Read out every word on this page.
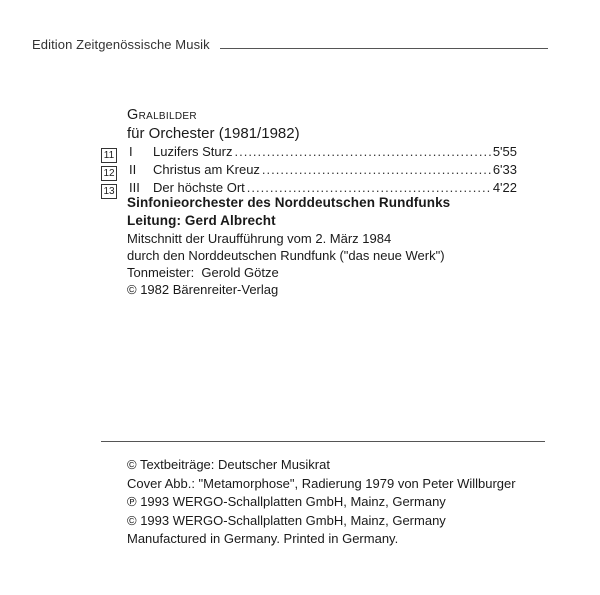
Edition Zeitgenössische Musik
Gralbilder
für Orchester (1981/1982)
11 I	Luzifers Sturz .....	5'55
12 II	Christus am Kreuz .....	6'33
13 III	Der höchste Ort .....	4'22
Sinfonieorchester des Norddeutschen Rundfunks
Leitung: Gerd Albrecht
Mitschnitt der Uraufführung vom 2. März 1984
durch den Norddeutschen Rundfunk ("das neue Werk")
Tonmeister:  Gerold Götze
© 1982 Bärenreiter-Verlag
© Textbeiträge: Deutscher Musikrat
Cover Abb.: "Metamorphose", Radierung 1979 von Peter Willburger
℗ 1993 WERGO-Schallplatten GmbH, Mainz, Germany
© 1993 WERGO-Schallplatten GmbH, Mainz, Germany
Manufactured in Germany. Printed in Germany.
